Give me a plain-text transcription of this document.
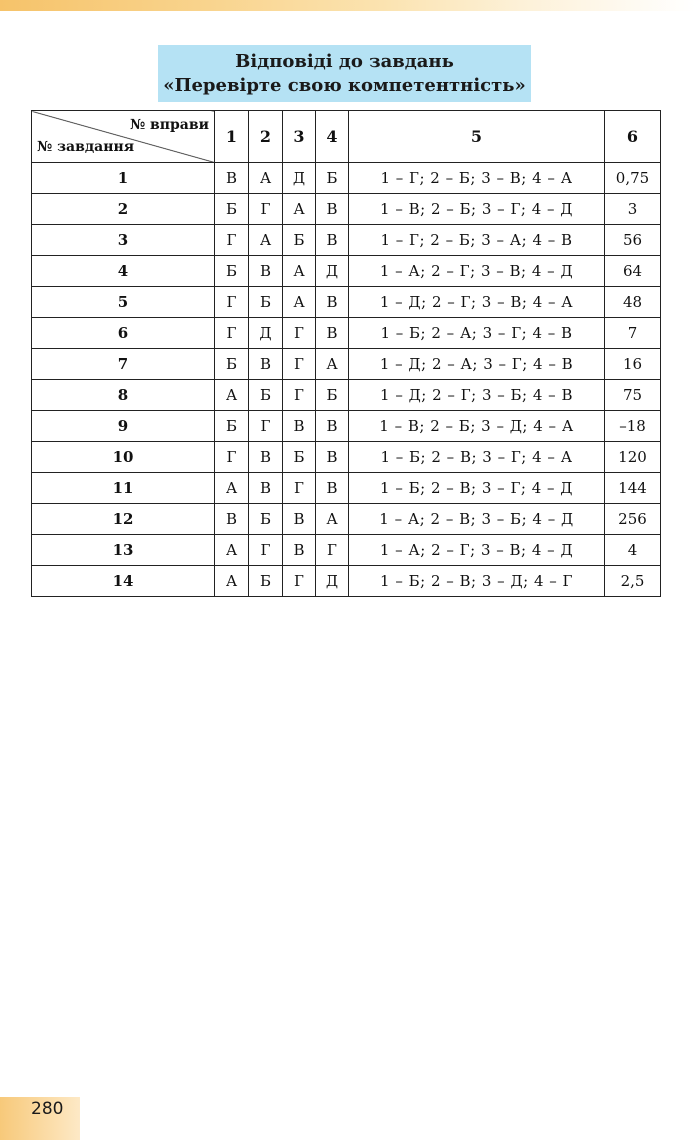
Відповіді до завдань
«Перевірте свою компетентність»
№ вправи
№ завдання	1	2	3	4	5	6
1	В	А	Д	Б	1 – Г; 2 – Б; 3 – В; 4 – А	0,75
2	Б	Г	А	В	1 – В; 2 – Б; 3 – Г; 4 – Д	3
3	Г	А	Б	В	1 – Г; 2 – Б; 3 – А; 4 – В	56
4	Б	В	А	Д	1 – А; 2 – Г; 3 – В; 4 – Д	64
5	Г	Б	А	В	1 – Д; 2 – Г; 3 – В; 4 – А	48
6	Г	Д	Г	В	1 – Б; 2 – А; 3 – Г; 4 – В	7
7	Б	В	Г	А	1 – Д; 2 – А; 3 – Г; 4 – В	16
8	А	Б	Г	Б	1 – Д; 2 – Г; 3 – Б; 4 – В	75
9	Б	Г	В	В	1 – В; 2 – Б; 3 – Д; 4 – А	–18
10	Г	В	Б	В	1 – Б; 2 – В; 3 – Г; 4 – А	120
11	А	В	Г	В	1 – Б; 2 – В; 3 – Г; 4 – Д	144
12	В	Б	В	А	1 – А; 2 – В; 3 – Б; 4 – Д	256
13	А	Г	В	Г	1 – А; 2 – Г; 3 – В; 4 – Д	4
14	А	Б	Г	Д	1 – Б; 2 – В; 3 – Д; 4 – Г	2,5
280
